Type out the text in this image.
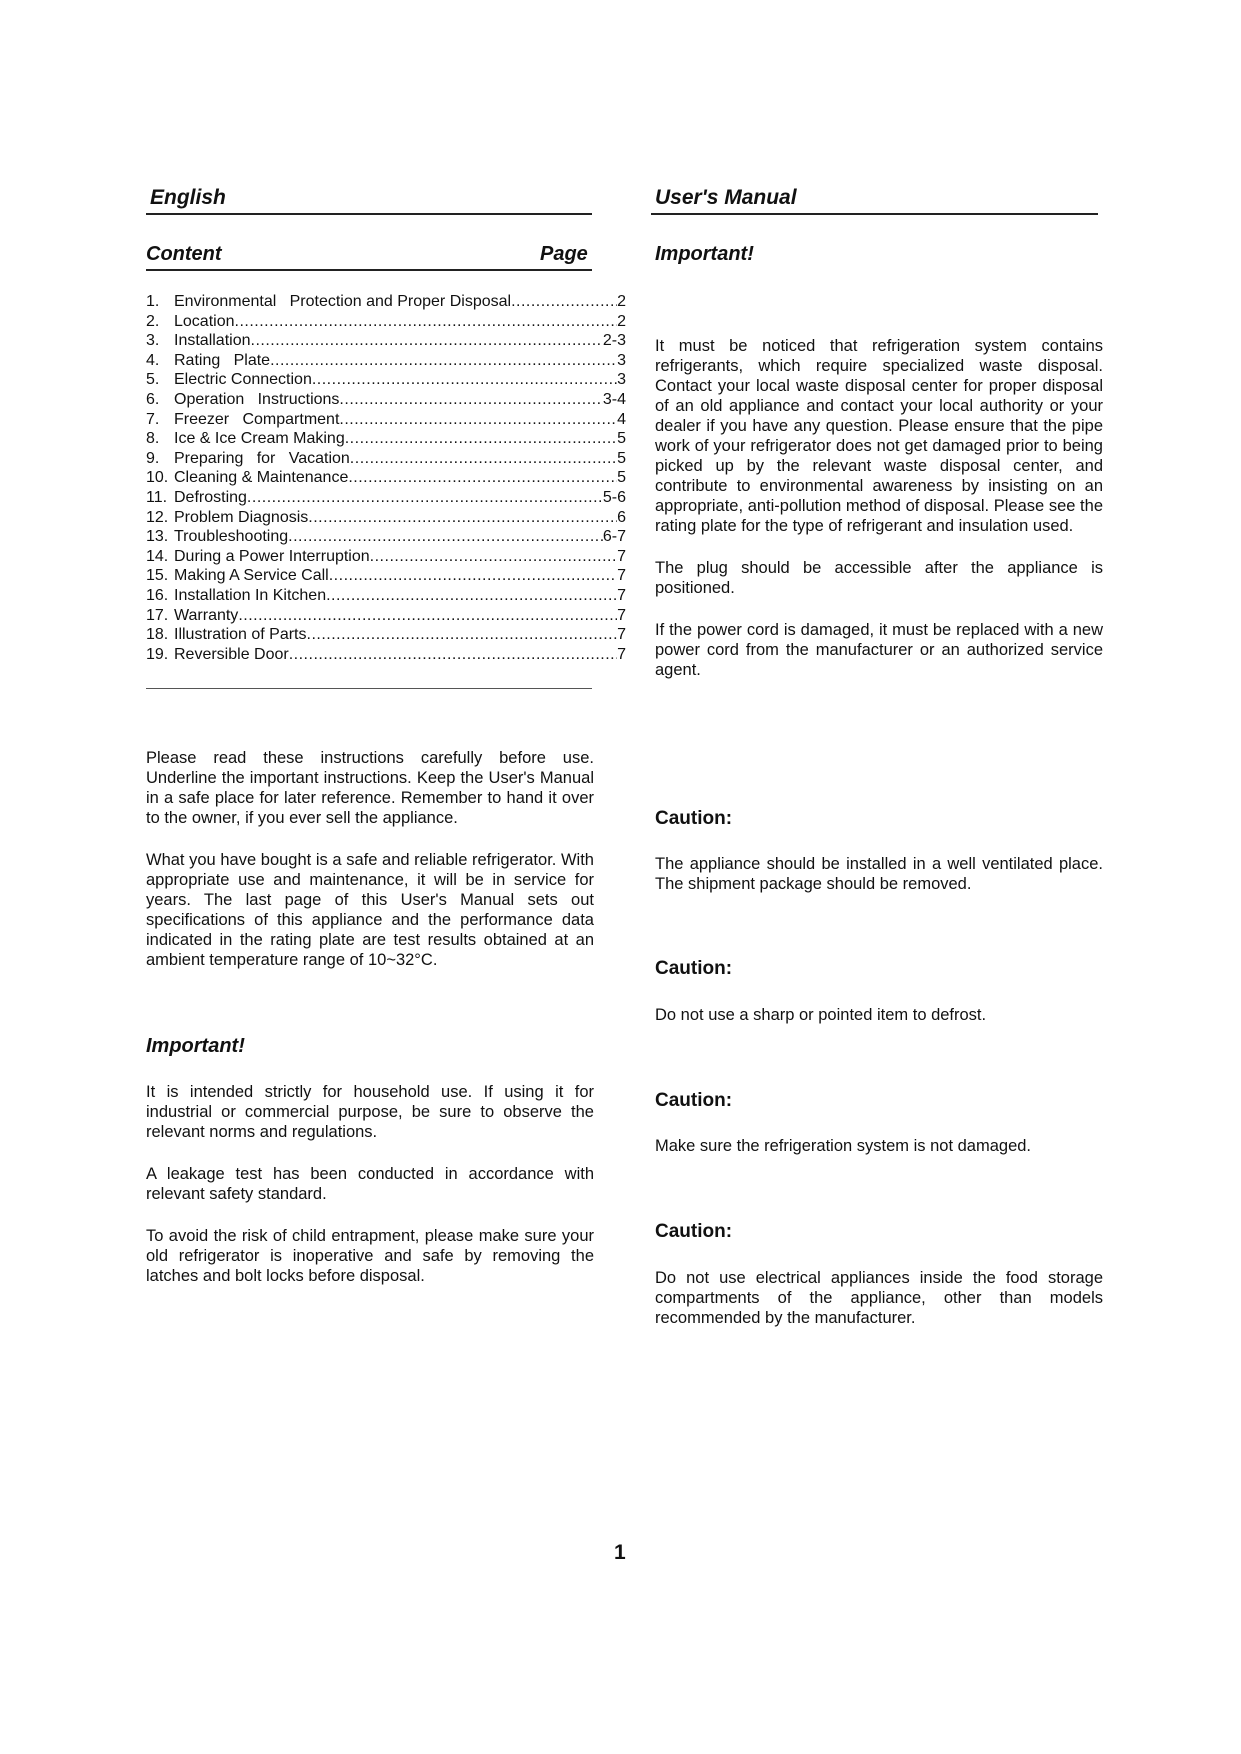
English	User's Manual
Content	Page
1. Environmental   Protection and Proper Disposal .....	2
2. Location .....	2
3. Installation .....	2-3
4. Rating   Plate .....	3
5. Electric Connection .....	3
6. Operation   Instructions .....	3-4
7. Freezer   Compartment .....	4
8. Ice & Ice Cream Making .....	5
9. Preparing   for   Vacation .....	5
10. Cleaning & Maintenance .....	5
11. Defrosting .....	5-6
12. Problem Diagnosis .....	6
13. Troubleshooting .....	6-7
14. During a Power Interruption .....	7
15. Making A Service Call .....	7
16. Installation In Kitchen .....	7
17. Warranty .....	7
18. Illustration of Parts .....	7
19. Reversible Door .....	7

Please read these instructions carefully before use. Underline the important instructions. Keep the User's Manual in a safe place for later reference. Remember to hand it over to the owner, if you ever sell the appliance.

What you have bought is a safe and reliable refrigerator. With appropriate use and maintenance, it will be in service for years. The last page of this User's Manual sets out specifications of this appliance and the performance data indicated in the rating plate are test results obtained at an ambient temperature range of 10~32°C.

Important!

It is intended strictly for household use. If using it for industrial or commercial purpose, be sure to observe the relevant norms and regulations.

A leakage test has been conducted in accordance with relevant safety standard.

To avoid the risk of child entrapment, please make sure your old refrigerator is inoperative and safe by removing the latches and bolt locks before disposal.

Important!

It must be noticed that refrigeration system contains refrigerants, which require specialized waste disposal. Contact your local waste disposal center for proper disposal of an old appliance and contact your local authority or your dealer if you have any question. Please ensure that the pipe work of your refrigerator does not get damaged prior to being picked up by the relevant waste disposal center, and contribute to environmental awareness by insisting on an appropriate, anti-pollution method of disposal. Please see the rating plate for the type of refrigerant and insulation used.

The plug should be accessible after the appliance is positioned.

If the power cord is damaged, it must be replaced with a new power cord from the manufacturer or an authorized service agent.

Caution:
The appliance should be installed in a well ventilated place. The shipment package should be removed.
Caution:
Do not use a sharp or pointed item to defrost.
Caution:
Make sure the refrigeration system is not damaged.
Caution:
Do not use electrical appliances inside the food storage compartments of the appliance, other than models recommended by the manufacturer.
1
